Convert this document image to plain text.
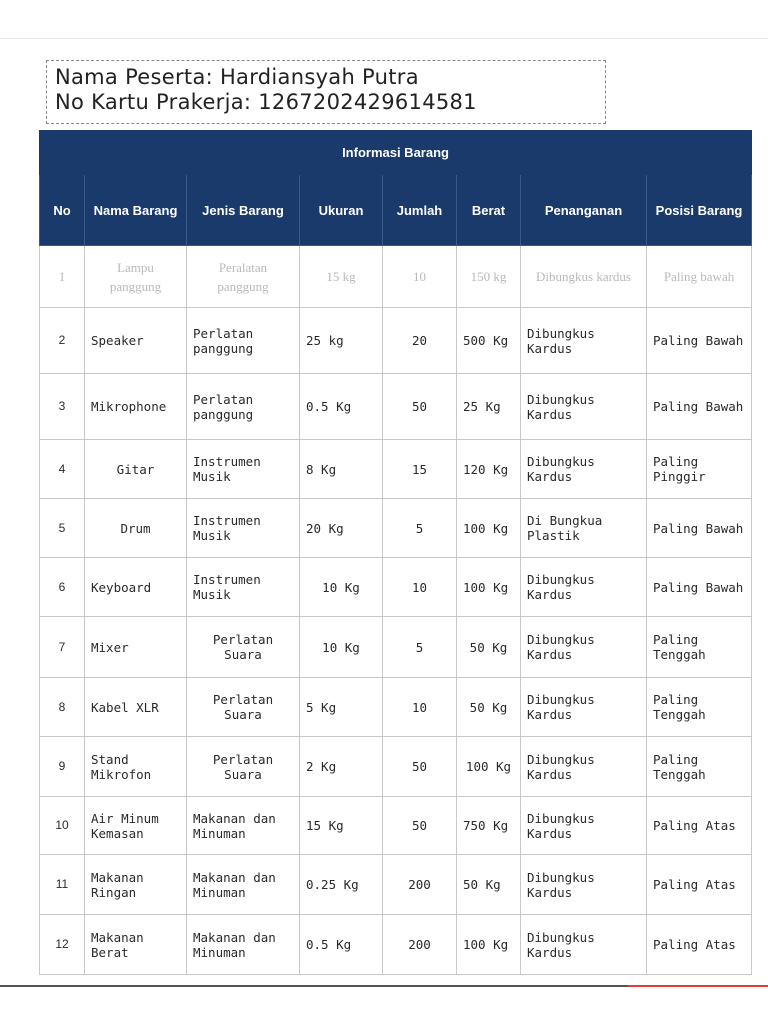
Nama Peserta: Hardiansyah Putra
No Kartu Prakerja: 1267202429614581
Informasi Barang							
No	Nama Barang	Jenis Barang	Ukuran	Jumlah	Berat	Penanganan	Posisi Barang
1	Lampu panggung	Peralatan panggung	15 kg	10	150 kg	Dibungkus kardus	Paling bawah
2	Speaker	Perlatan panggung	25 kg	20	500 Kg	Dibungkus Kardus	Paling Bawah
3	Mikrophone	Perlatan panggung	0.5 Kg	50	25 Kg	Dibungkus Kardus	Paling Bawah
4	Gitar	Instrumen Musik	8 Kg	15	120 Kg	Dibungkus Kardus	Paling Pinggir
5	Drum	Instrumen Musik	20 Kg	5	100 Kg	Di Bungkua Plastik	Paling Bawah
6	Keyboard	Instrumen Musik	10 Kg	10	100 Kg	Dibungkus Kardus	Paling Bawah
7	Mixer	Perlatan Suara	10 Kg	5	50 Kg	Dibungkus Kardus	Paling Tenggah
8	Kabel XLR	Perlatan Suara	5 Kg	10	50 Kg	Dibungkus Kardus	Paling Tenggah
9	Stand Mikrofon	Perlatan Suara	2 Kg	50	100 Kg	Dibungkus Kardus	Paling Tenggah
10	Air Minum Kemasan	Makanan dan Minuman	15 Kg	50	750 Kg	Dibungkus Kardus	Paling Atas
11	Makanan Ringan	Makanan dan Minuman	0.25 Kg	200	50 Kg	Dibungkus Kardus	Paling Atas
12	Makanan Berat	Makanan dan Minuman	0.5 Kg	200	100 Kg	Dibungkus Kardus	Paling Atas
